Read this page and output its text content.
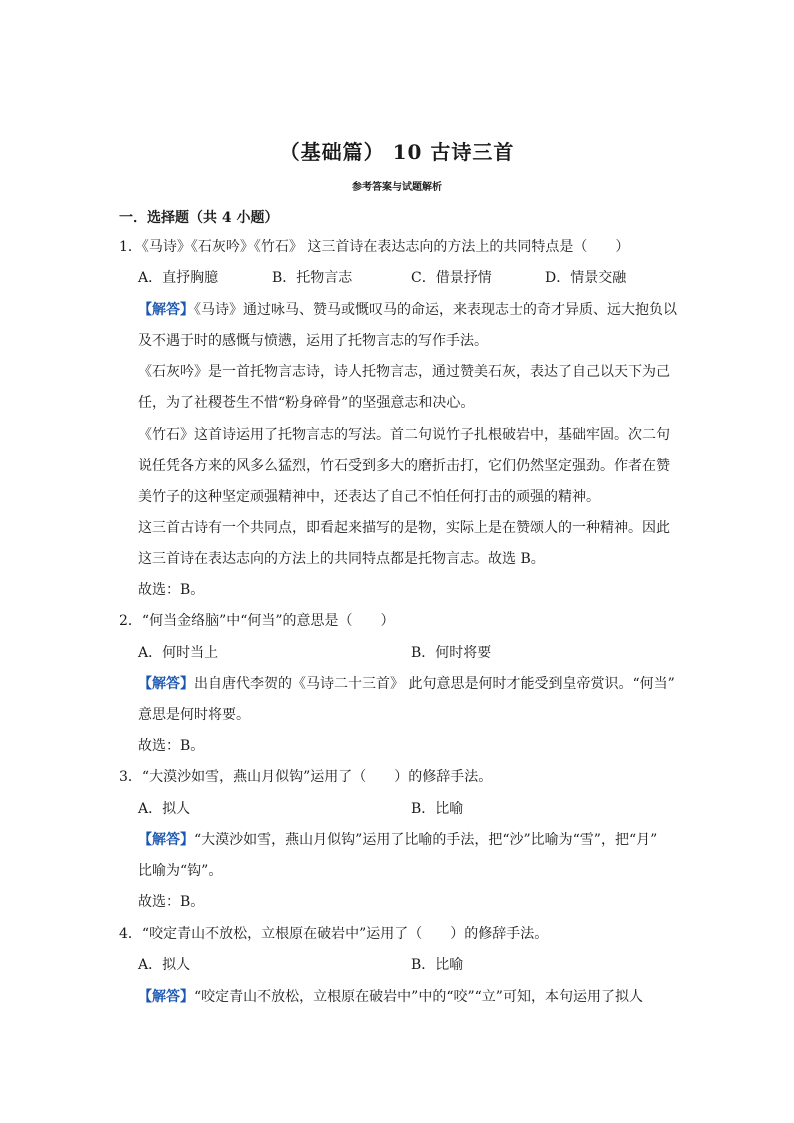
（基础篇） 10 古诗三首
参考答案与试题解析
一．选择题（共 4 小题）
1．《马诗》《石灰吟》《竹石》 这三首诗在表达志向的方法上的共同特点是（　　）
A．直抒胸臆	B．托物言志	C．借景抒情	D．情景交融
【解答】《马诗》通过咏马、赞马或慨叹马的命运，来表现志士的奇才异质、远大抱负以
及不遇于时的感慨与愤懑，运用了托物言志的写作手法。
《石灰吟》是一首托物言志诗，诗人托物言志，通过赞美石灰，表达了自己以天下为己
任，为了社稷苍生不惜“粉身碎骨”的坚强意志和决心。
《竹石》这首诗运用了托物言志的写法。首二句说竹子扎根破岩中，基础牢固。次二句
说任凭各方来的风多么猛烈，竹石受到多大的磨折击打，它们仍然坚定强劲。作者在赞
美竹子的这种坚定顽强精神中，还表达了自己不怕任何打击的顽强的精神。
这三首古诗有一个共同点，即看起来描写的是物，实际上是在赞颂人的一种精神。因此
这三首诗在表达志向的方法上的共同特点都是托物言志。故选 B。
故选：B。
2．“何当金络脑”中“何当”的意思是（　　）
A．何时当上	B．何时将要
【解答】出自唐代李贺的《马诗二十三首》 此句意思是何时才能受到皇帝赏识。“何当”
意思是何时将要。
故选：B。
3．“大漠沙如雪，燕山月似钩”运用了（　　）的修辞手法。
A．拟人	B．比喻
【解答】“大漠沙如雪，燕山月似钩”运用了比喻的手法，把“沙”比喻为“雪”，把“月”
比喻为“钩”。
故选：B。
4．“咬定青山不放松，立根原在破岩中”运用了（　　）的修辞手法。
A．拟人	B．比喻
【解答】“咬定青山不放松，立根原在破岩中”中的“咬”“立”可知，本句运用了拟人
